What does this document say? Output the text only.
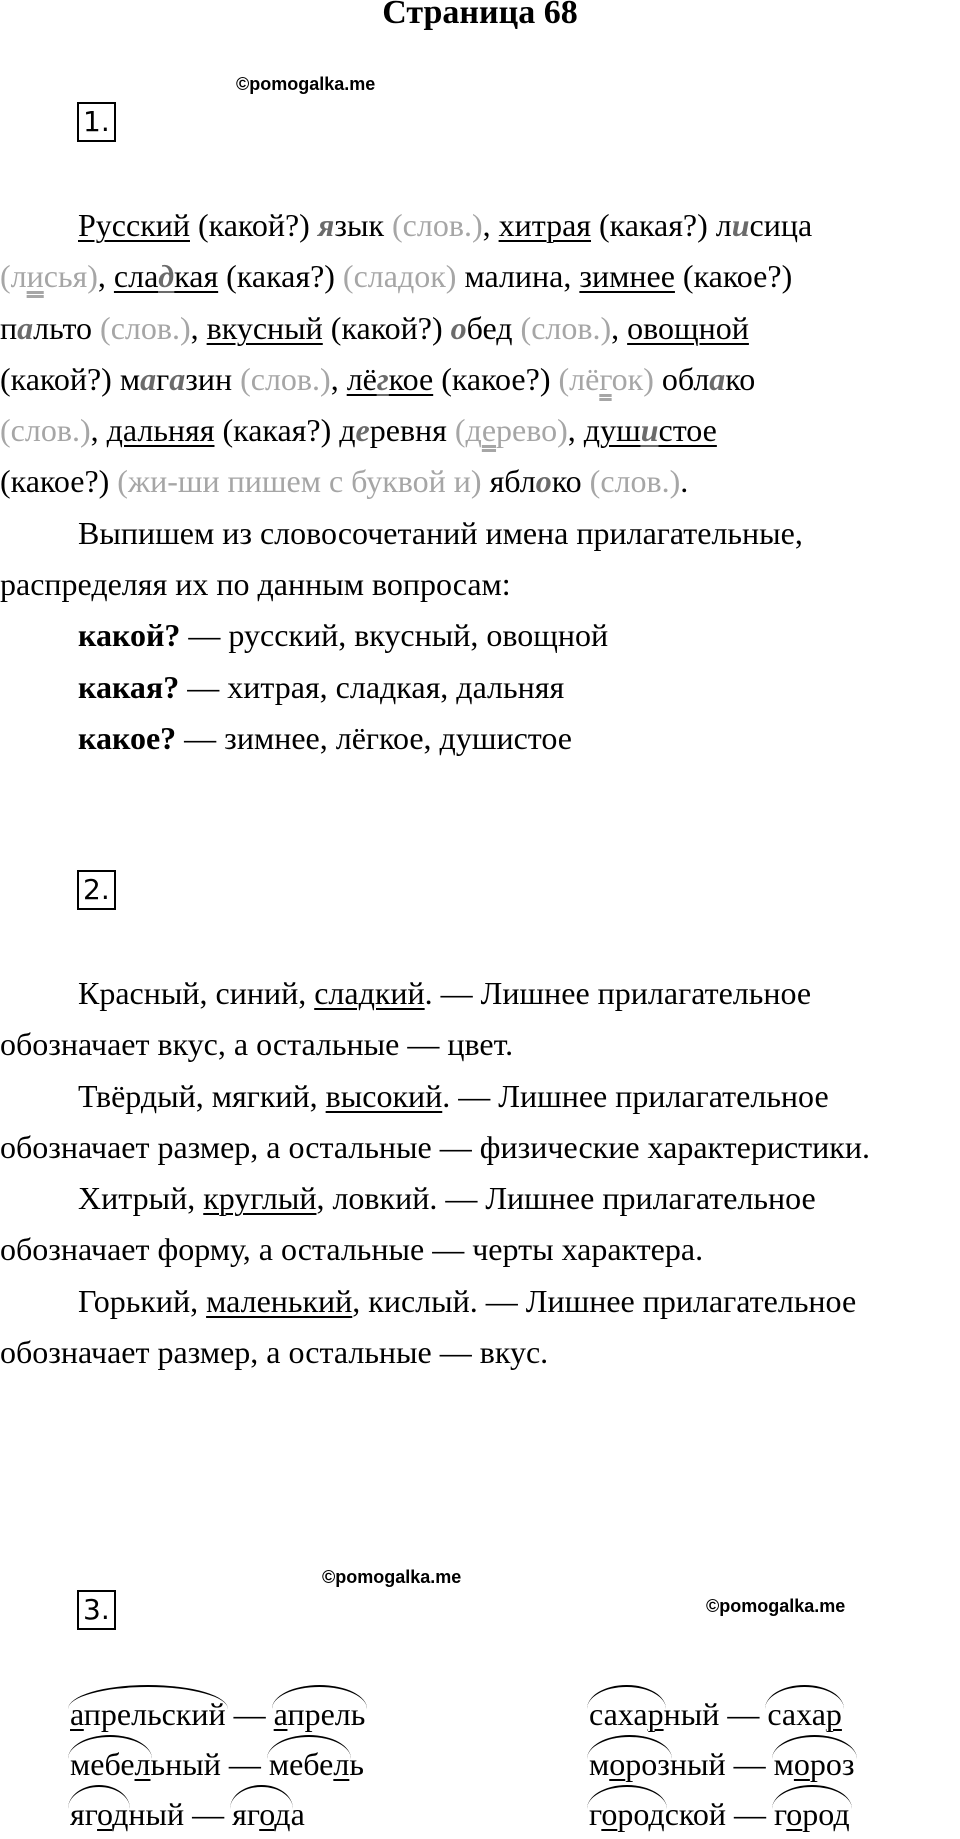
Страница 68
©pomogalka.me
1.

Русский (какой?) язык (слов.), хитрая (какая?) лисица

(лисья), сладкая (какая?) (сладок) малина, зимнее (какое?)

пальто (слов.), вкусный (какой?) обед (слов.), овощной

(какой?) магазин (слов.), лёгкое (какое?) (лёгок) облако

(слов.), дальняя (какая?) деревня (дерево), душистое

(какое?) (жи-ши пишем с буквой и) яблоко (слов.).

Выпишем из словосочетаний имена прилагательные, распределяя их по данным вопросам:

какой? — русский, вкусный, овощной

какая? — хитрая, сладкая, дальняя

какое? — зимнее, лёгкое, душистое

2.

Красный, синий, сладкий. — Лишнее прилагательное обозначает вкус, а остальные — цвет.

Твёрдый, мягкий, высокий. — Лишнее прилагательное обозначает размер, а остальные — физические характеристики.

Хитрый, круглый, ловкий. — Лишнее прилагательное обозначает форму, а остальные — черты характера.

Горький, маленький, кислый. — Лишнее прилагательное обозначает размер, а остальные — вкус.

©pomogalka.me
©pomogalka.me
3.
апрельский — апрель
мебельный — мебель
ягодный — ягода
сахарный — сахар
морозный — мороз
городской — город
